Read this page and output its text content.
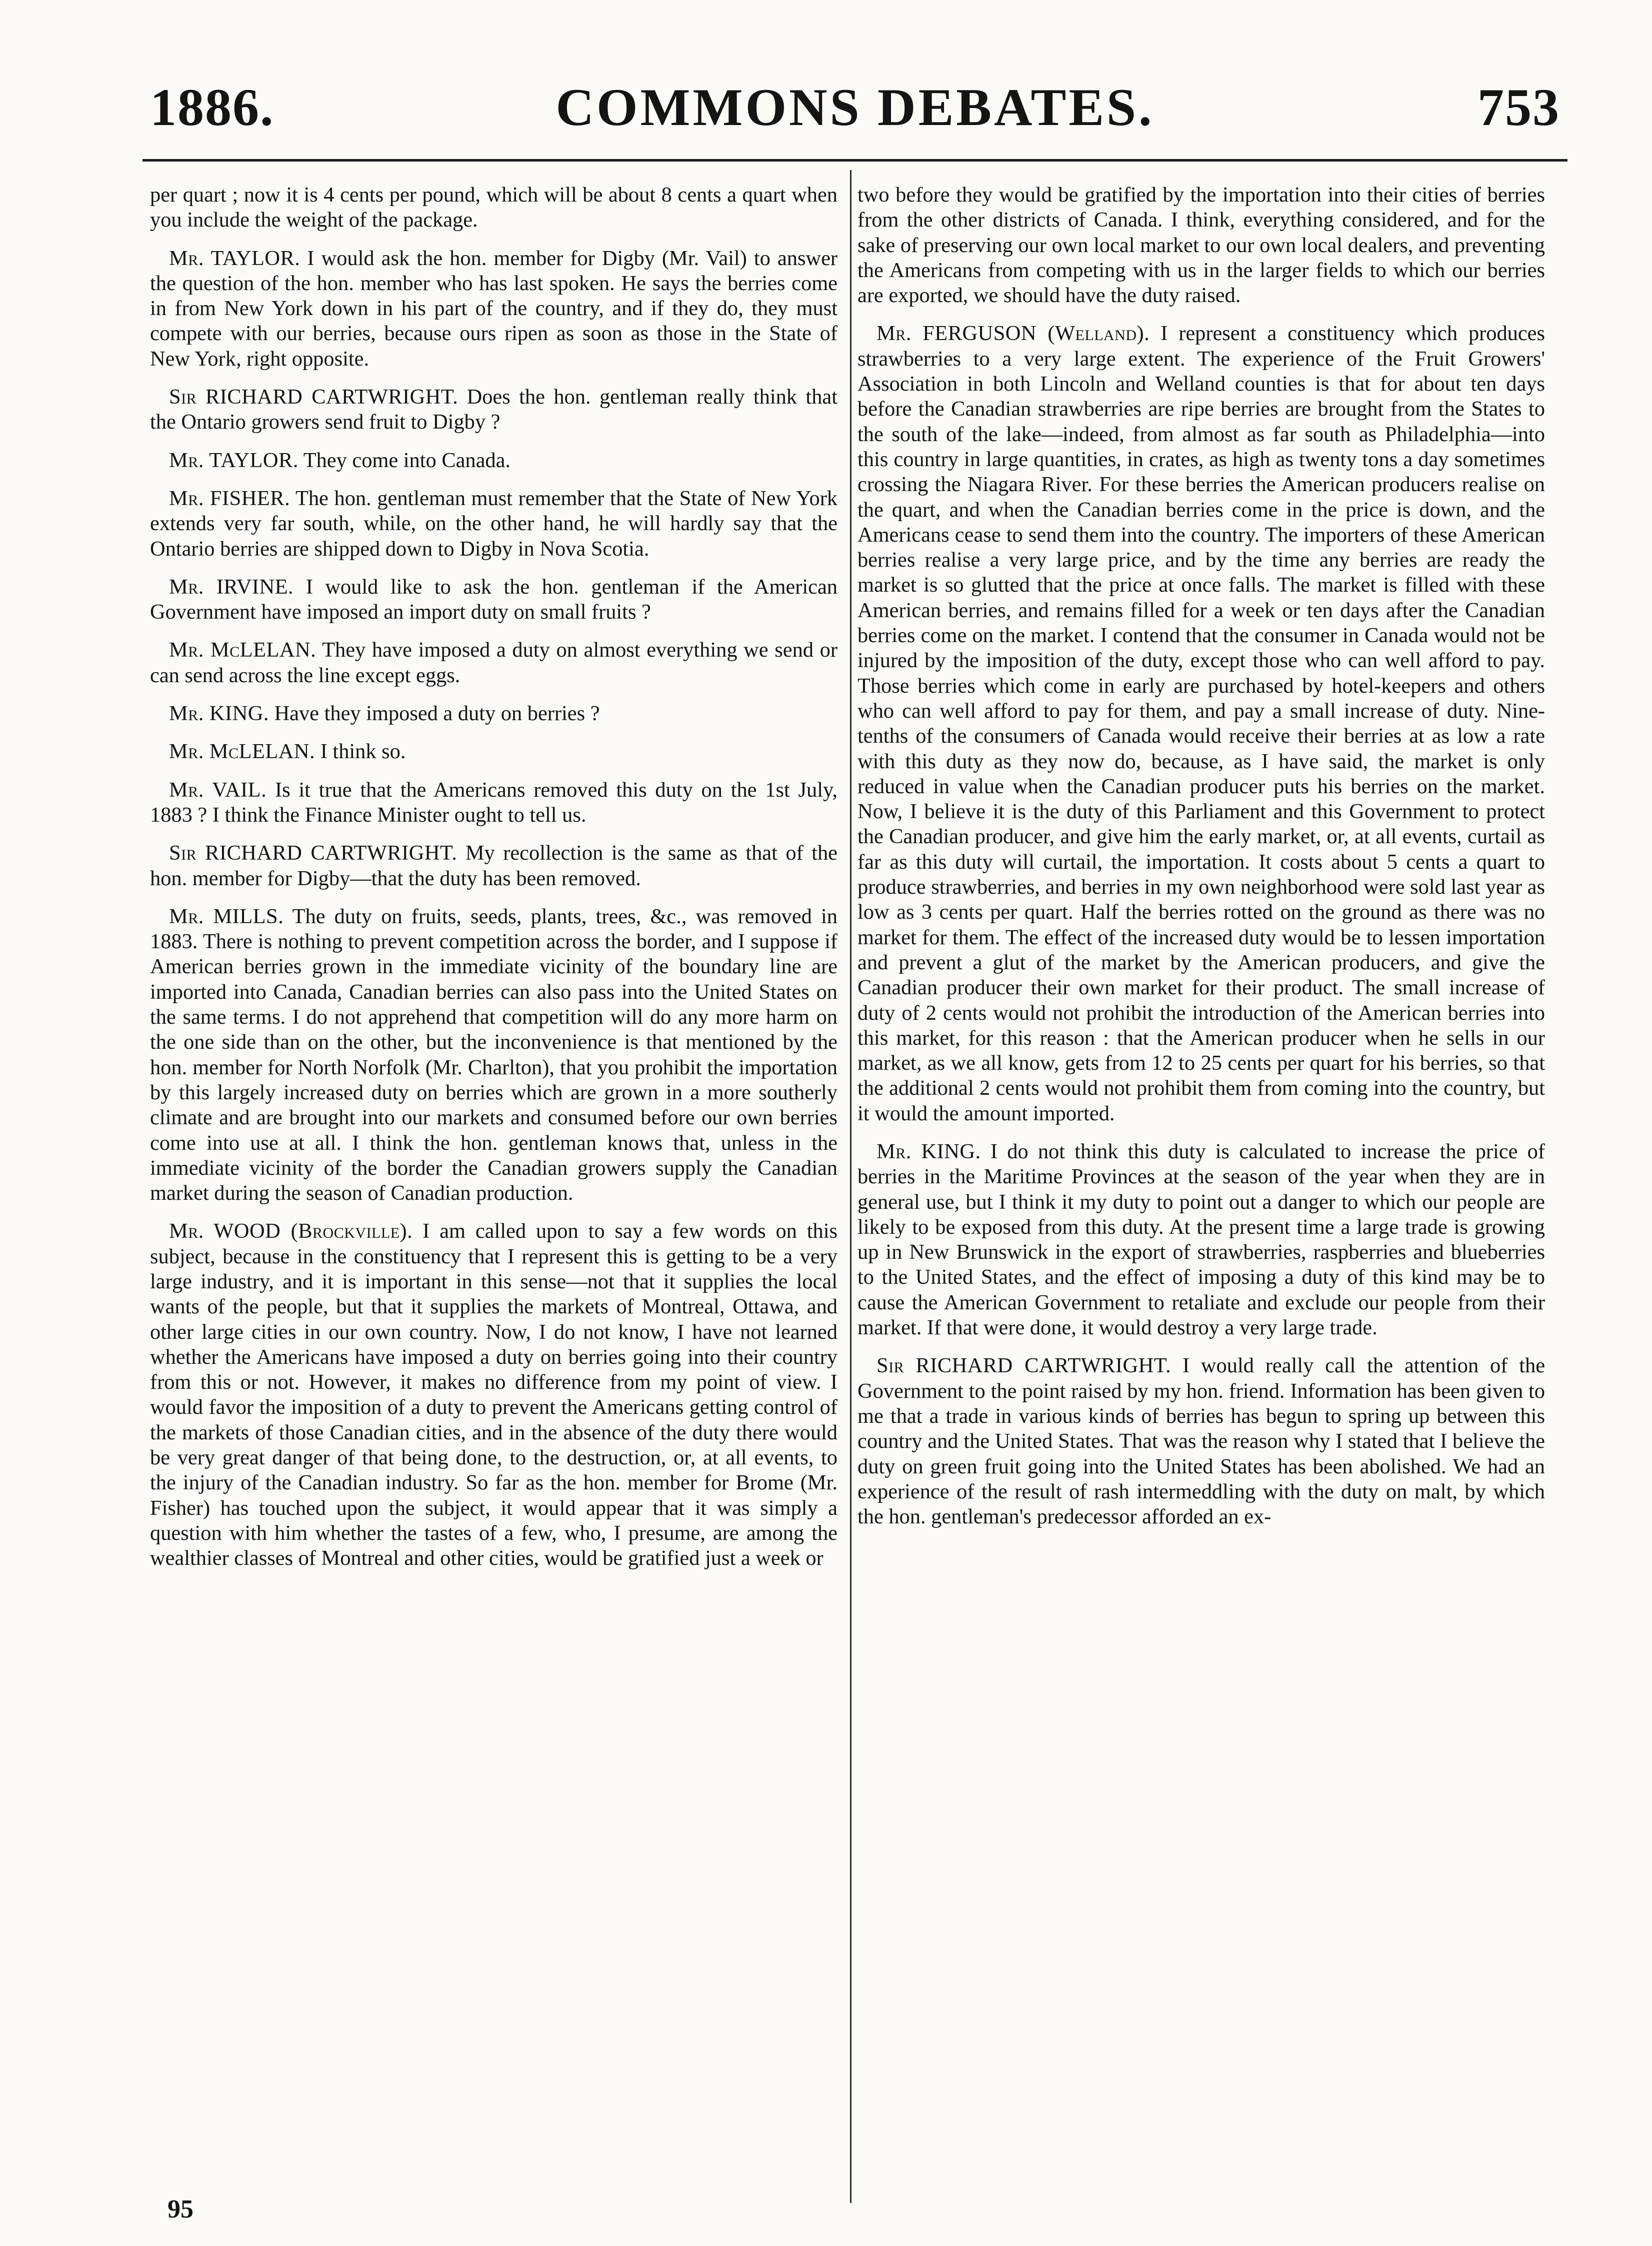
1886.	COMMONS DEBATES.	753

per quart ; now it is 4 cents per pound, which will be about 8 cents a quart when you include the weight of the package.

Mr. TAYLOR. I would ask the hon. member for Digby (Mr. Vail) to answer the question of the hon. member who has last spoken. He says the berries come in from New York down in his part of the country, and if they do, they must compete with our berries, because ours ripen as soon as those in the State of New York, right opposite.

Sir RICHARD CARTWRIGHT. Does the hon. gentleman really think that the Ontario growers send fruit to Digby ?

Mr. TAYLOR. They come into Canada.

Mr. FISHER. The hon. gentleman must remember that the State of New York extends very far south, while, on the other hand, he will hardly say that the Ontario berries are shipped down to Digby in Nova Scotia.

Mr. IRVINE. I would like to ask the hon. gentleman if the American Government have imposed an import duty on small fruits ?

Mr. McLELAN. They have imposed a duty on almost everything we send or can send across the line except eggs.

Mr. KING. Have they imposed a duty on berries ?

Mr. McLELAN. I think so.

Mr. VAIL. Is it true that the Americans removed this duty on the 1st July, 1883 ? I think the Finance Minister ought to tell us.

Sir RICHARD CARTWRIGHT. My recollection is the same as that of the hon. member for Digby—that the duty has been removed.

Mr. MILLS. The duty on fruits, seeds, plants, trees, &c., was removed in 1883. There is nothing to prevent competition across the border, and I suppose if American berries grown in the immediate vicinity of the boundary line are imported into Canada, Canadian berries can also pass into the United States on the same terms. I do not apprehend that competition will do any more harm on the one side than on the other, but the inconvenience is that mentioned by the hon. member for North Norfolk (Mr. Charlton), that you prohibit the importation by this largely increased duty on berries which are grown in a more southerly climate and are brought into our markets and consumed before our own berries come into use at all. I think the hon. gentleman knows that, unless in the immediate vicinity of the border the Canadian growers supply the Canadian market during the season of Canadian production.

Mr. WOOD (Brockville). I am called upon to say a few words on this subject, because in the constituency that I represent this is getting to be a very large industry, and it is important in this sense—not that it supplies the local wants of the people, but that it supplies the markets of Montreal, Ottawa, and other large cities in our own country. Now, I do not know, I have not learned whether the Americans have imposed a duty on berries going into their country from this or not. However, it makes no difference from my point of view. I would favor the imposition of a duty to prevent the Americans getting control of the markets of those Canadian cities, and in the absence of the duty there would be very great danger of that being done, to the destruction, or, at all events, to the injury of the Canadian industry. So far as the hon. member for Brome (Mr. Fisher) has touched upon the subject, it would appear that it was simply a question with him whether the tastes of a few, who, I presume, are among the wealthier classes of Montreal and other cities, would be gratified just a week or

two before they would be gratified by the importation into their cities of berries from the other districts of Canada. I think, everything considered, and for the sake of preserving our own local market to our own local dealers, and preventing the Americans from competing with us in the larger fields to which our berries are exported, we should have the duty raised.

Mr. FERGUSON (Welland). I represent a constituency which produces strawberries to a very large extent. The experience of the Fruit Growers' Association in both Lincoln and Welland counties is that for about ten days before the Canadian strawberries are ripe berries are brought from the States to the south of the lake—indeed, from almost as far south as Philadelphia—into this country in large quantities, in crates, as high as twenty tons a day sometimes crossing the Niagara River. For these berries the American producers realise on the quart, and when the Canadian berries come in the price is down, and the Americans cease to send them into the country. The importers of these American berries realise a very large price, and by the time any berries are ready the market is so glutted that the price at once falls. The market is filled with these American berries, and remains filled for a week or ten days after the Canadian berries come on the market. I contend that the consumer in Canada would not be injured by the imposition of the duty, except those who can well afford to pay. Those berries which come in early are purchased by hotel-keepers and others who can well afford to pay for them, and pay a small increase of duty. Nine-tenths of the consumers of Canada would receive their berries at as low a rate with this duty as they now do, because, as I have said, the market is only reduced in value when the Canadian producer puts his berries on the market. Now, I believe it is the duty of this Parliament and this Government to protect the Canadian producer, and give him the early market, or, at all events, curtail as far as this duty will curtail, the importation. It costs about 5 cents a quart to produce strawberries, and berries in my own neighborhood were sold last year as low as 3 cents per quart. Half the berries rotted on the ground as there was no market for them. The effect of the increased duty would be to lessen importation and prevent a glut of the market by the American producers, and give the Canadian producer their own market for their product. The small increase of duty of 2 cents would not prohibit the introduction of the American berries into this market, for this reason : that the American producer when he sells in our market, as we all know, gets from 12 to 25 cents per quart for his berries, so that the additional 2 cents would not prohibit them from coming into the country, but it would the amount imported.

Mr. KING. I do not think this duty is calculated to increase the price of berries in the Maritime Provinces at the season of the year when they are in general use, but I think it my duty to point out a danger to which our people are likely to be exposed from this duty. At the present time a large trade is growing up in New Brunswick in the export of strawberries, raspberries and blueberries to the United States, and the effect of imposing a duty of this kind may be to cause the American Government to retaliate and exclude our people from their market. If that were done, it would destroy a very large trade.

Sir RICHARD CARTWRIGHT. I would really call the attention of the Government to the point raised by my hon. friend. Information has been given to me that a trade in various kinds of berries has begun to spring up between this country and the United States. That was the reason why I stated that I believe the duty on green fruit going into the United States has been abolished. We had an experience of the result of rash intermeddling with the duty on malt, by which the hon. gentleman's predecessor afforded an ex-

95
